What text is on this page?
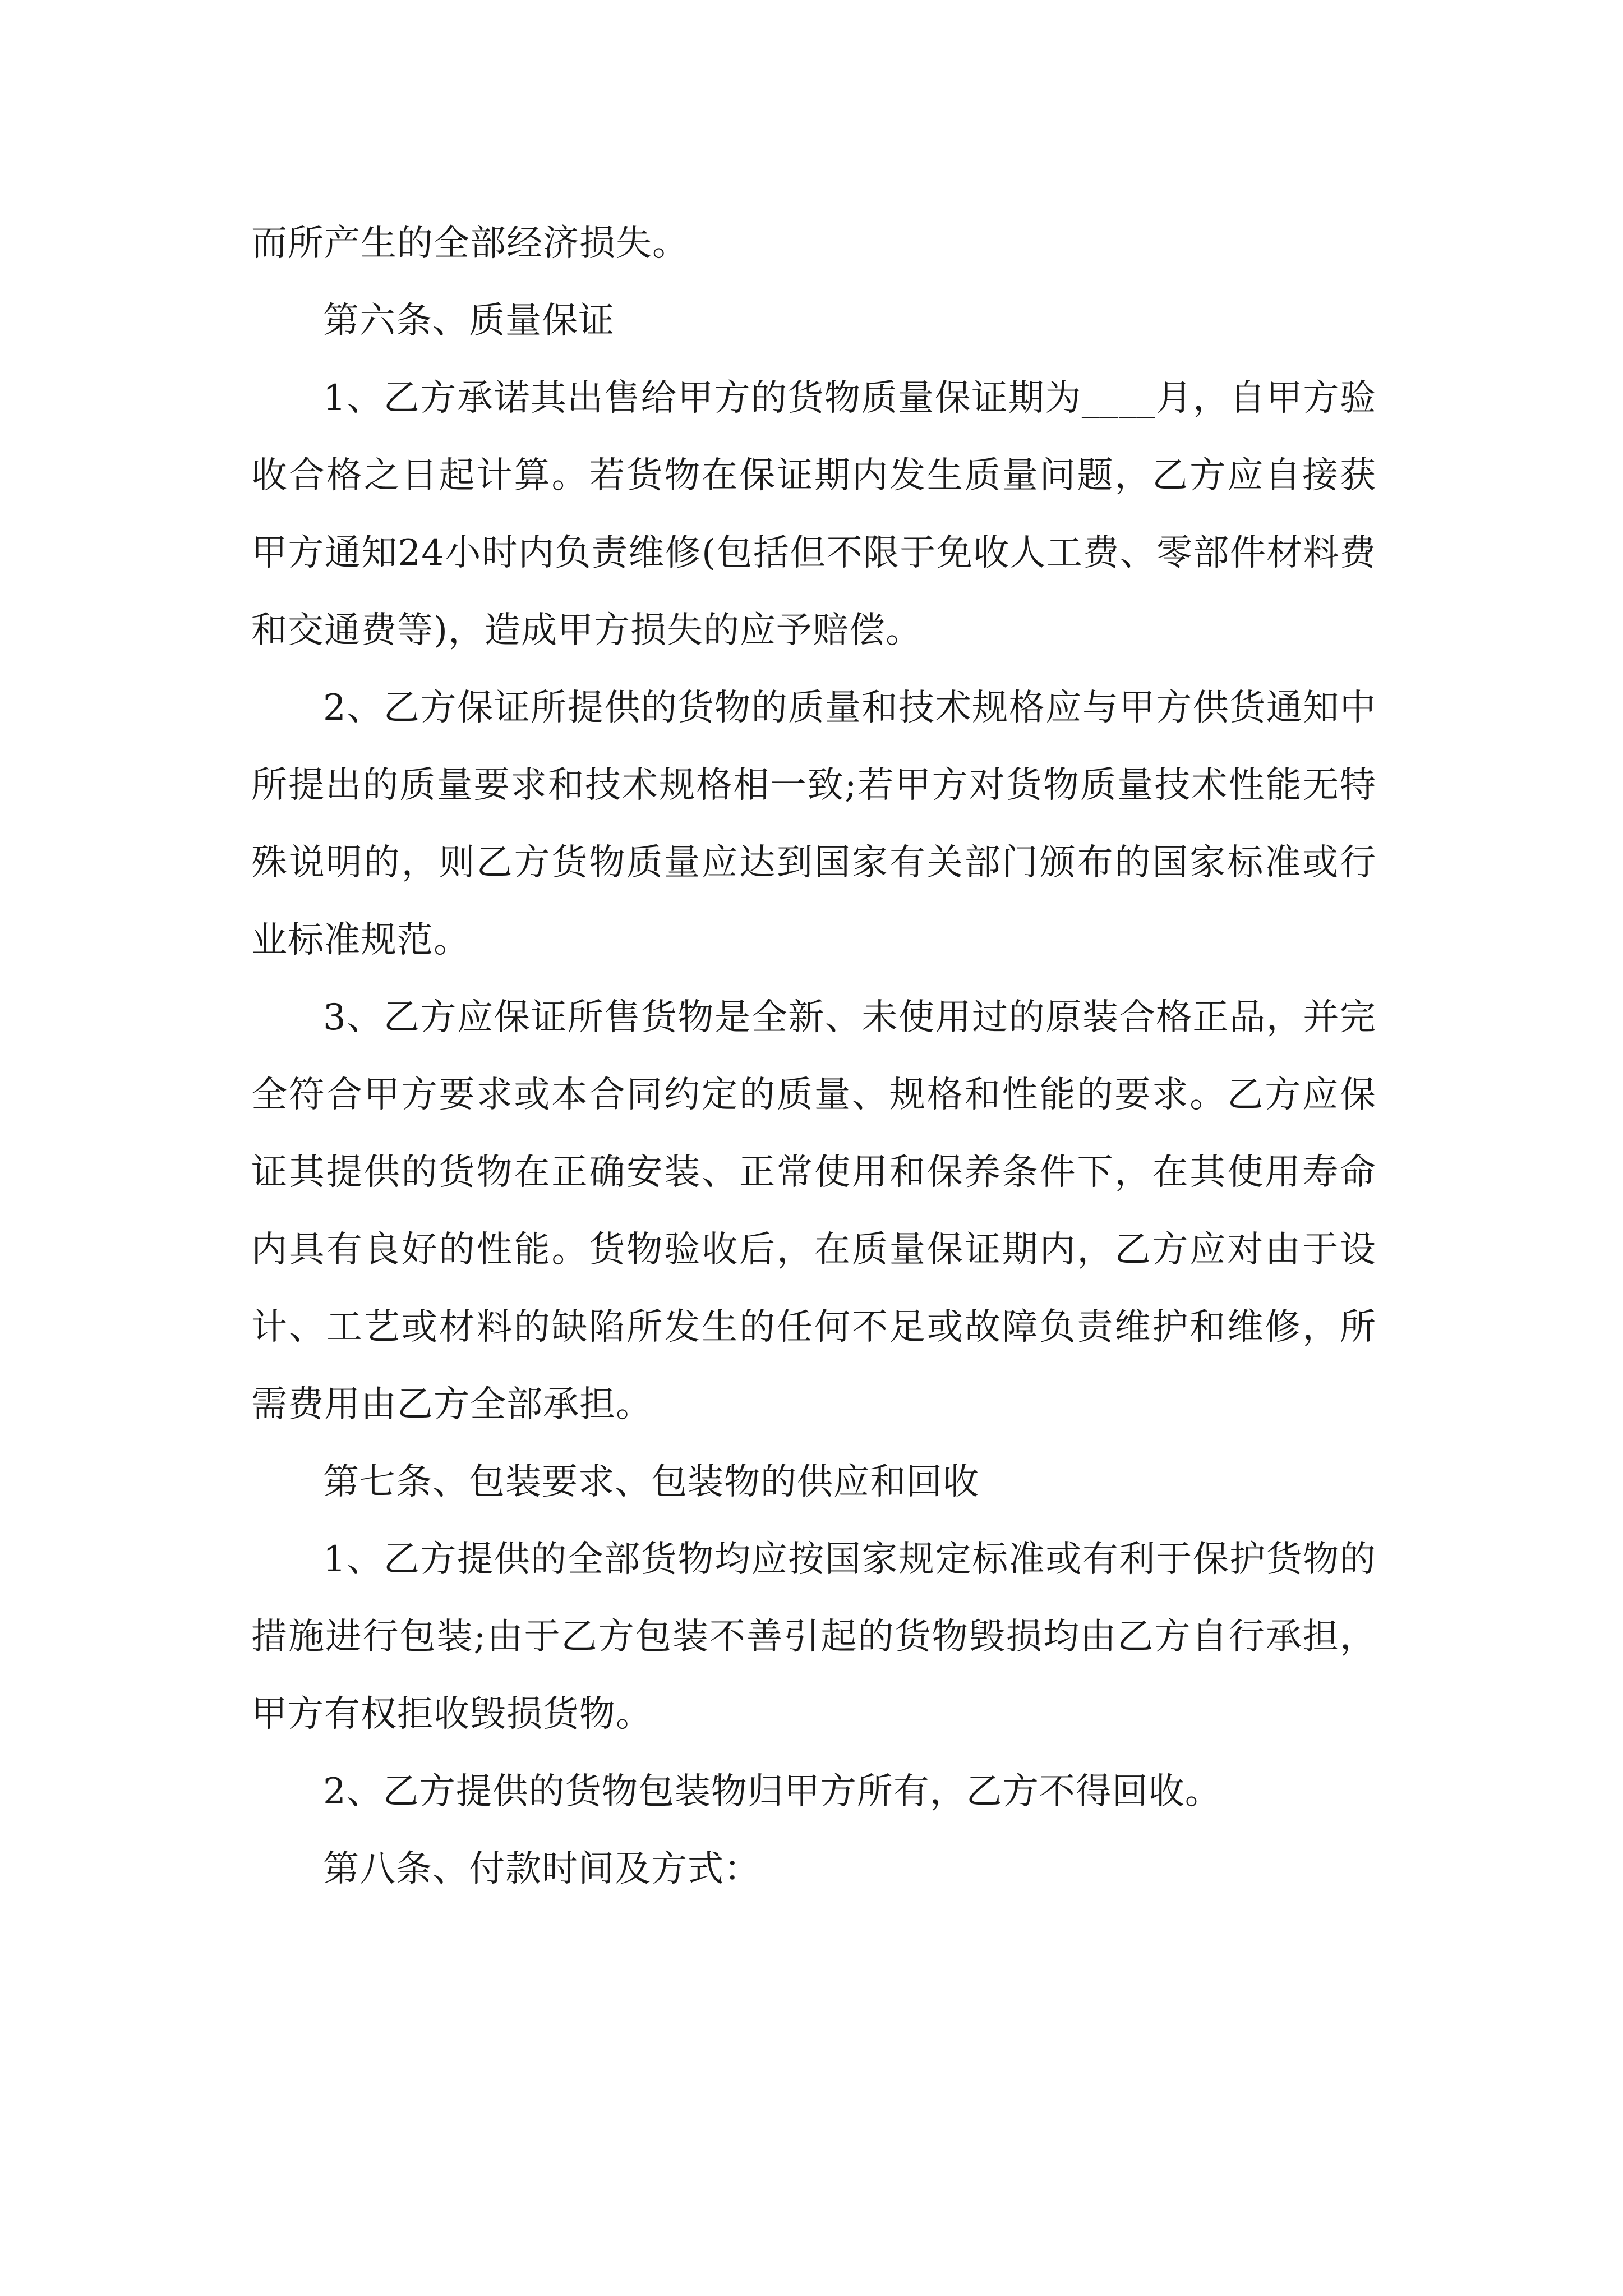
而所产生的全部经济损失。

第六条、质量保证

1、乙方承诺其出售给甲方的货物质量保证期为____月，自甲方验收合格之日起计算。若货物在保证期内发生质量问题，乙方应自接获甲方通知24小时内负责维修(包括但不限于免收人工费、零部件材料费和交通费等)，造成甲方损失的应予赔偿。

2、乙方保证所提供的货物的质量和技术规格应与甲方供货通知中所提出的质量要求和技术规格相一致;若甲方对货物质量技术性能无特殊说明的，则乙方货物质量应达到国家有关部门颁布的国家标准或行业标准规范。

3、乙方应保证所售货物是全新、未使用过的原装合格正品，并完全符合甲方要求或本合同约定的质量、规格和性能的要求。乙方应保证其提供的货物在正确安装、正常使用和保养条件下，在其使用寿命内具有良好的性能。货物验收后，在质量保证期内，乙方应对由于设计、工艺或材料的缺陷所发生的任何不足或故障负责维护和维修，所需费用由乙方全部承担。

第七条、包装要求、包装物的供应和回收

1、乙方提供的全部货物均应按国家规定标准或有利于保护货物的措施进行包装;由于乙方包装不善引起的货物毁损均由乙方自行承担，甲方有权拒收毁损货物。

2、乙方提供的货物包装物归甲方所有，乙方不得回收。

第八条、付款时间及方式：
